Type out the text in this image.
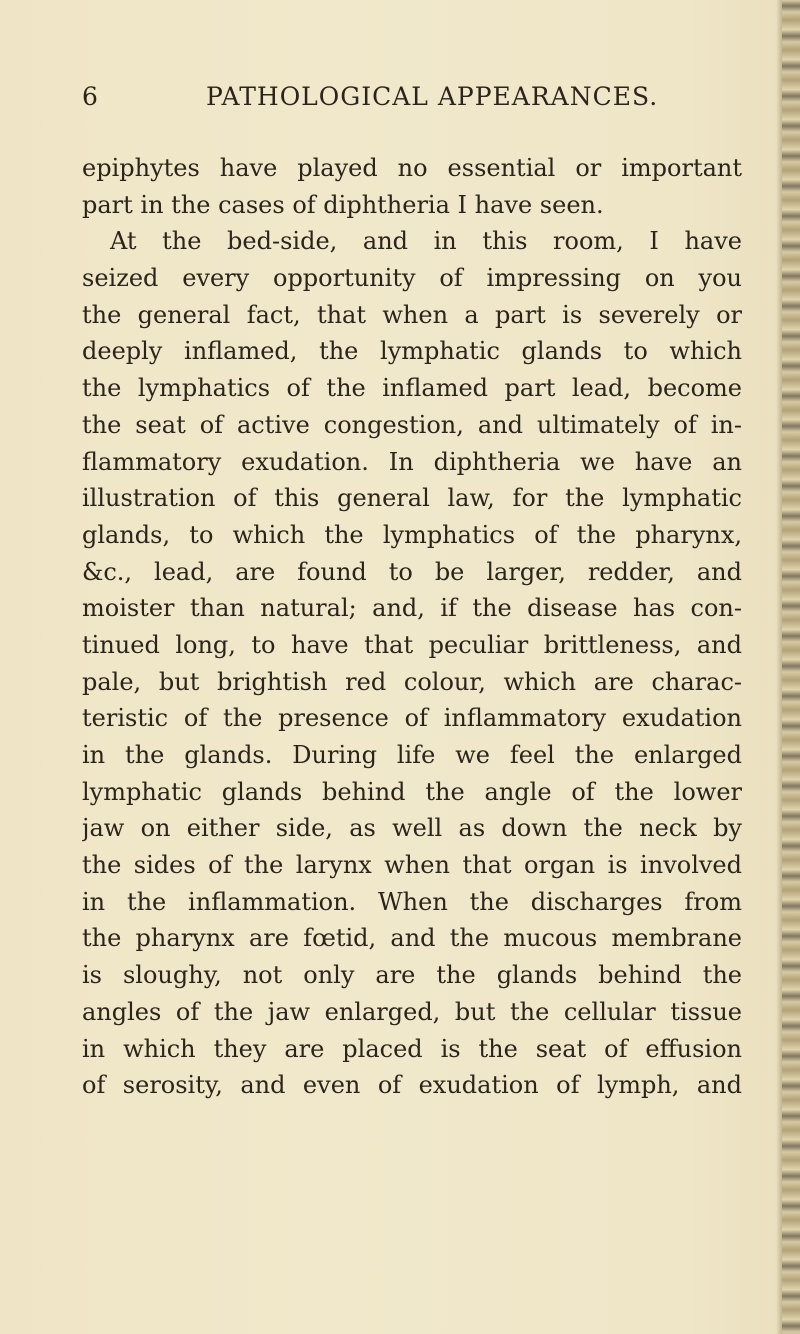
6	PATHOLOGICAL APPEARANCES.
epiphytes have played no essential or important
part in the cases of diphtheria I have seen.
At the bed-side, and in this room, I have
seized every opportunity of impressing on you
the general fact, that when a part is severely or
deeply inflamed, the lymphatic glands to which
the lymphatics of the inflamed part lead, become
the seat of active congestion, and ultimately of in-
flammatory exudation. In diphtheria we have an
illustration of this general law, for the lymphatic
glands, to which the lymphatics of the pharynx,
&c., lead, are found to be larger, redder, and
moister than natural; and, if the disease has con-
tinued long, to have that peculiar brittleness, and
pale, but brightish red colour, which are charac-
teristic of the presence of inflammatory exudation
in the glands. During life we feel the enlarged
lymphatic glands behind the angle of the lower
jaw on either side, as well as down the neck by
the sides of the larynx when that organ is involved
in the inflammation. When the discharges from
the pharynx are fœtid, and the mucous membrane
is sloughy, not only are the glands behind the
angles of the jaw enlarged, but the cellular tissue
in which they are placed is the seat of effusion
of serosity, and even of exudation of lymph, and
